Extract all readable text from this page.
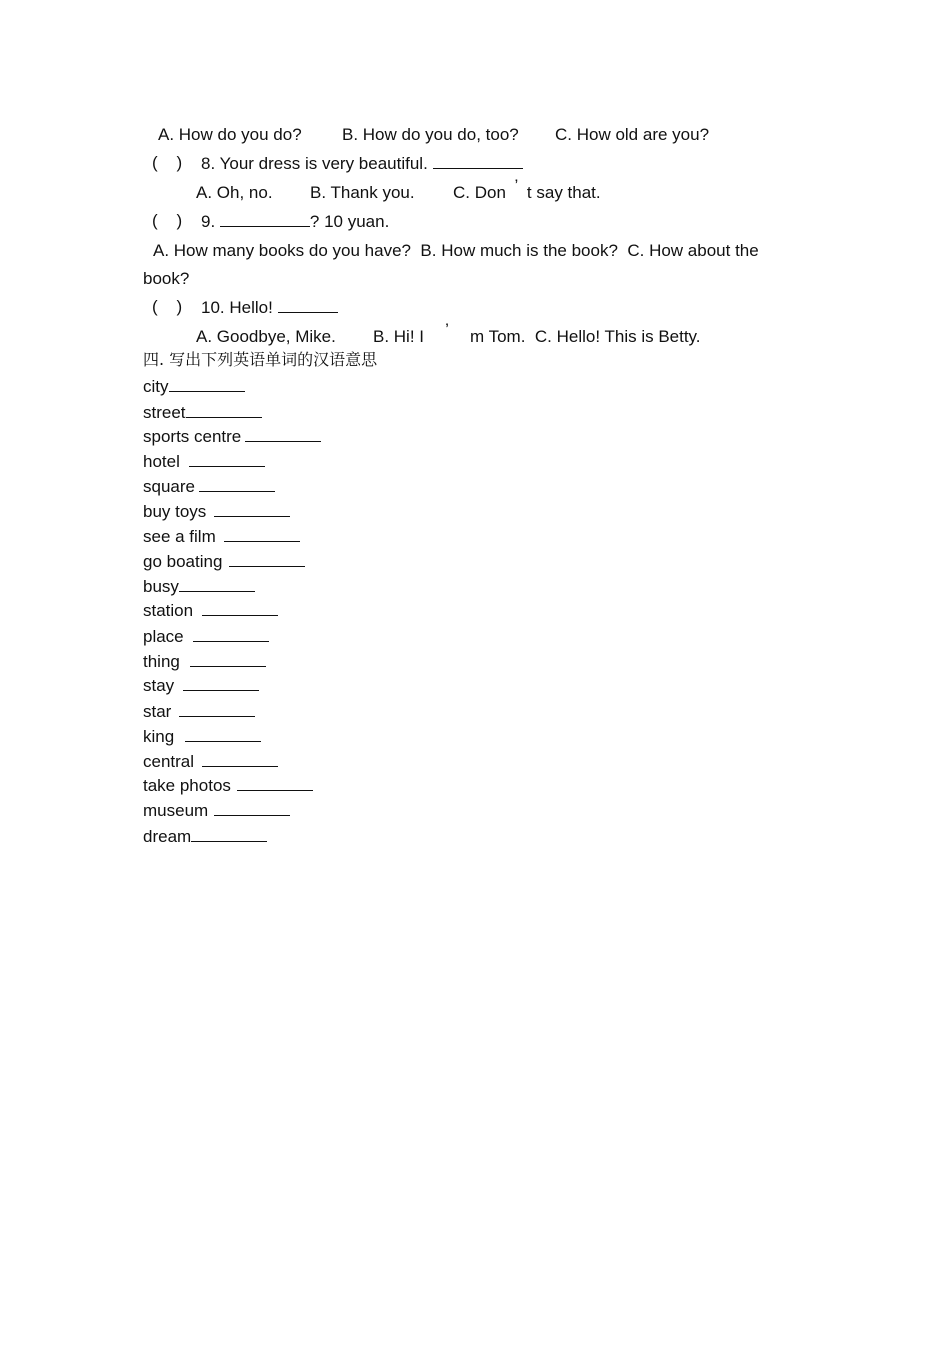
A. How do you do? B. How do you do, too? C. How old are you?
(    ) 8. Your dress is very beautiful.
A. Oh, no. B. Thank you. C. Don ’ t say that.
(    ) 9.	? 10 yuan.
A. How many books do you have?  B. How much is the book?  C. How about the
book?
(    ) 10. Hello!
A. Goodbye, Mike. B. Hi! I ’ m Tom.  C. Hello! This is Betty.
四. 写出下列英语单词的汉语意思
city
street
sports centre
hotel
square
buy toys
see a film
go boating
busy
station
place
thing
stay
star
king
central
take photos
museum
dream
